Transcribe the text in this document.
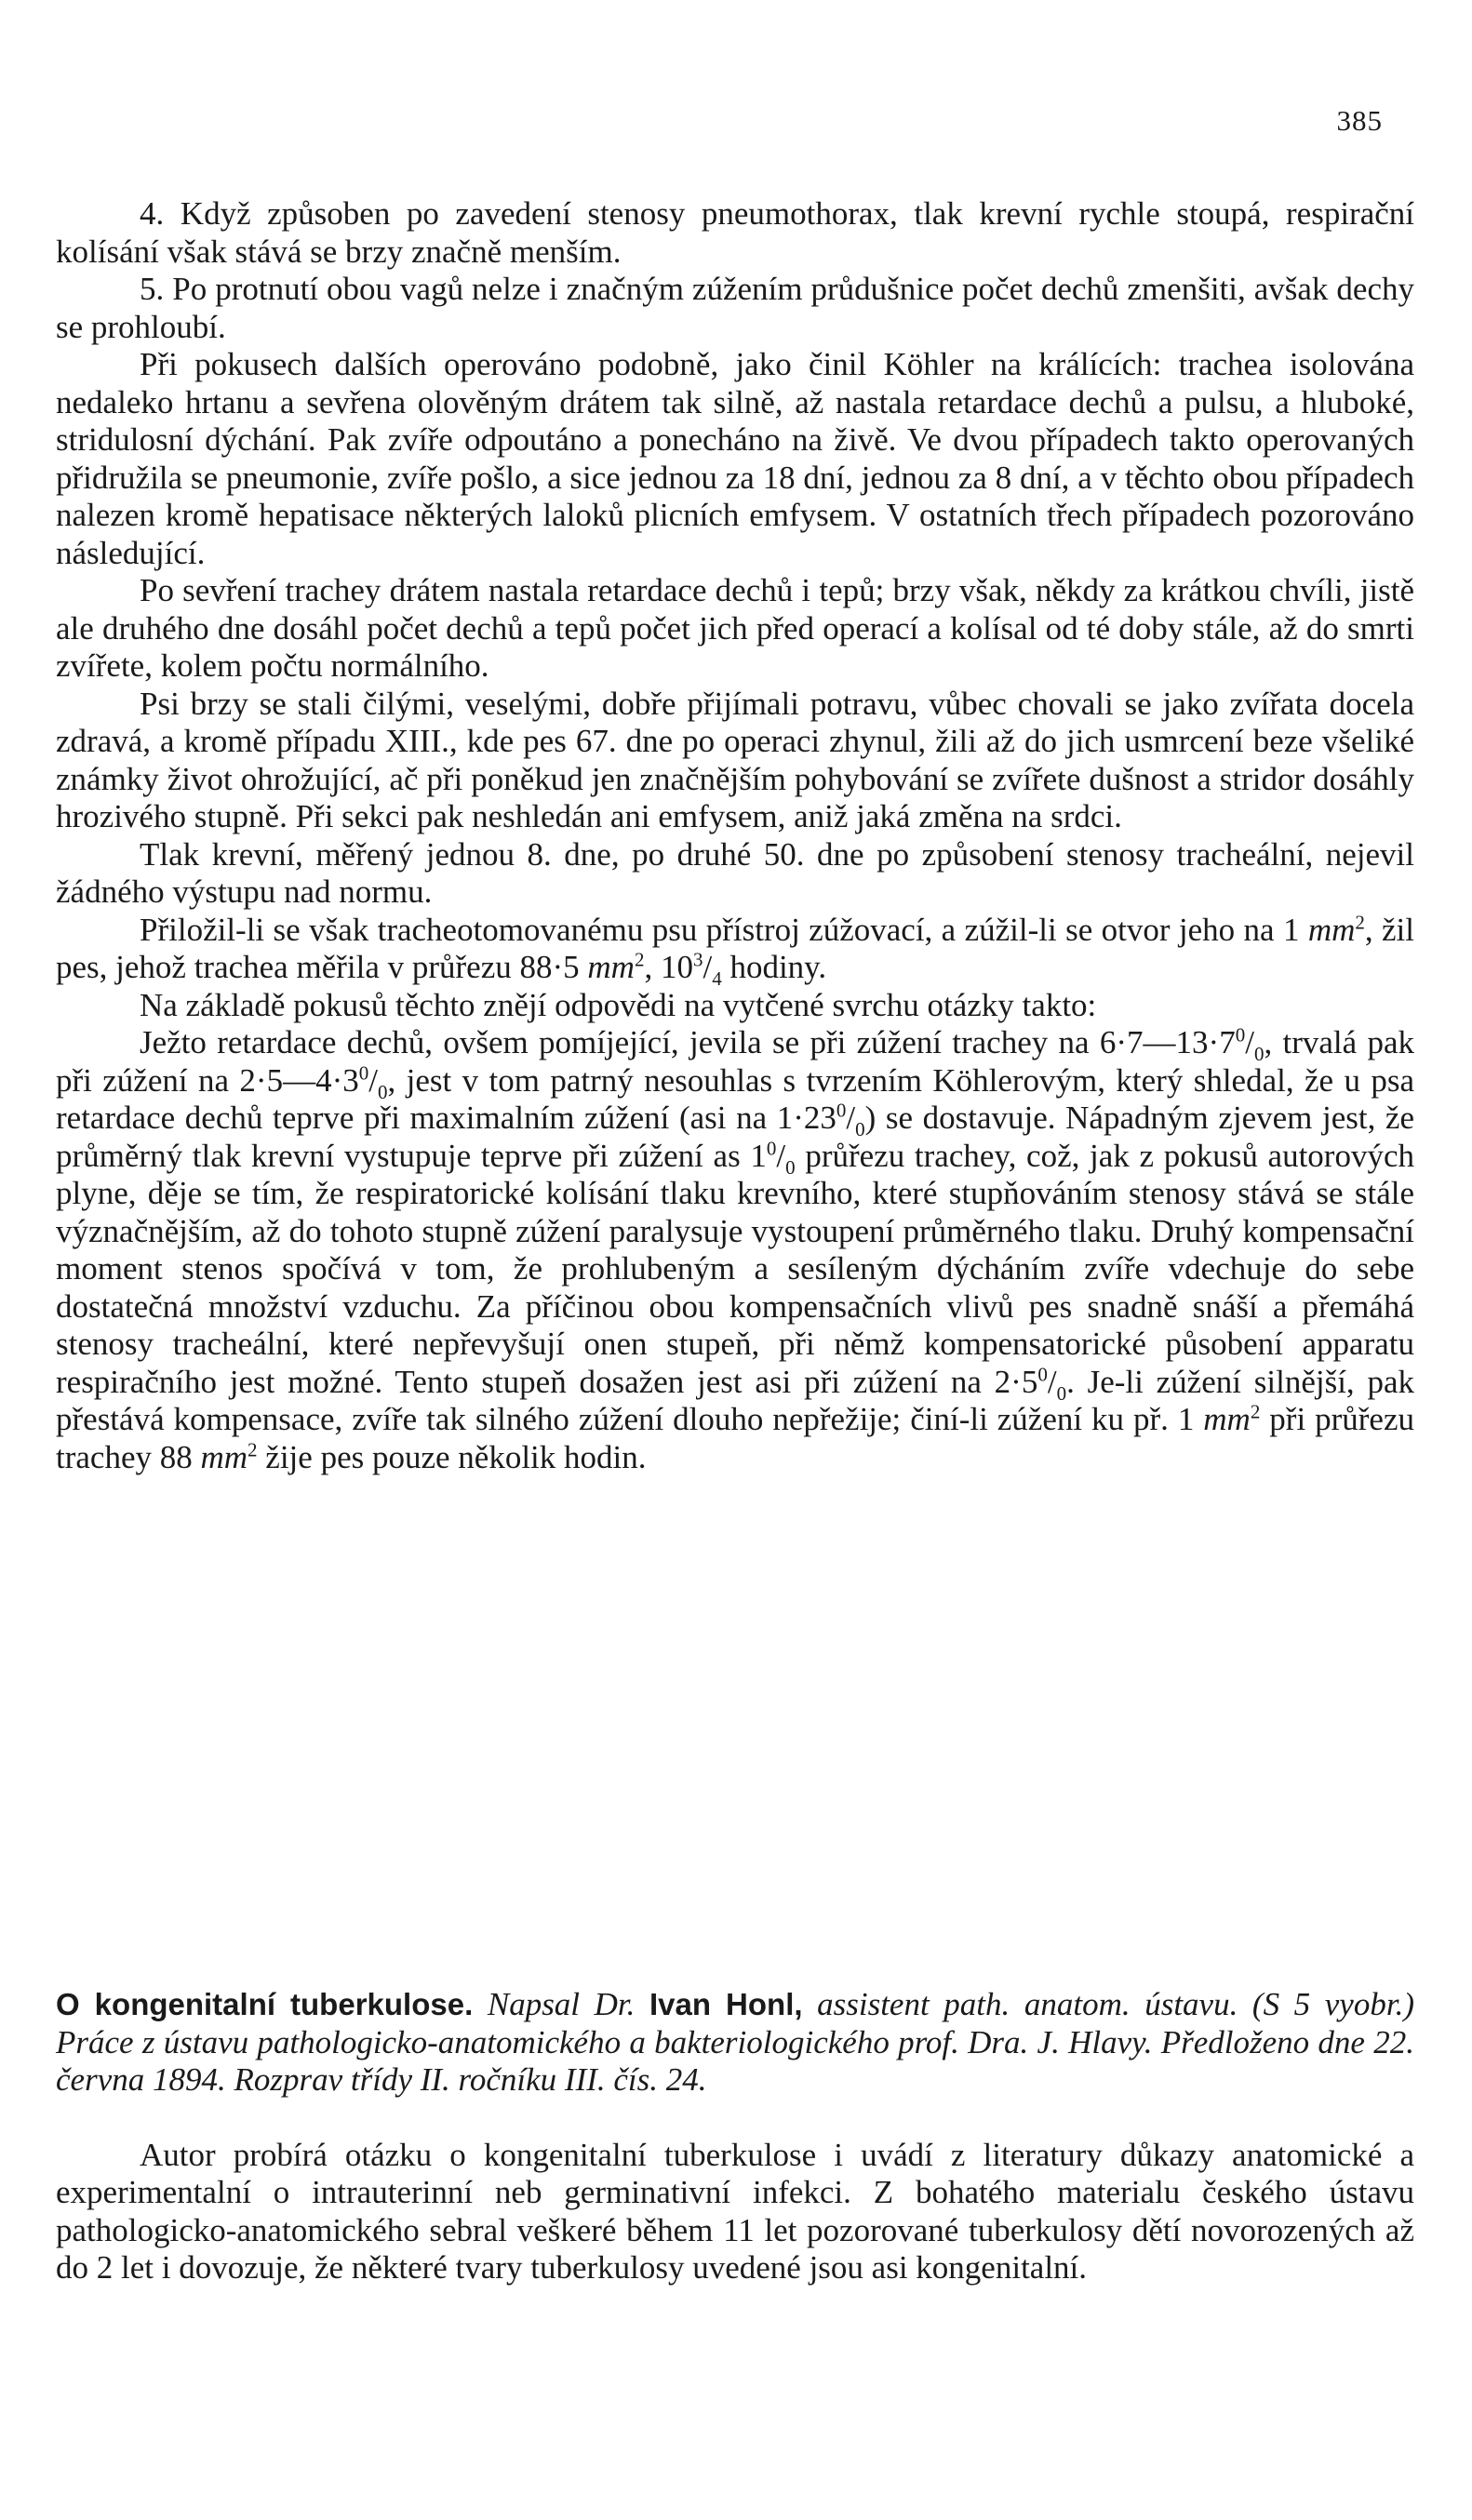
385

4. Když způsoben po zavedení stenosy pneumothorax, tlak krevní rychle stoupá, respirační kolísání však stává se brzy značně menším.

5. Po protnutí obou vagů nelze i značným zúžením průdušnice počet dechů zmenšiti, avšak dechy se prohloubí.

Při pokusech dalších operováno podobně, jako činil Köhler na králících: trachea isolována nedaleko hrtanu a sevřena olověným drátem tak silně, až nastala retardace dechů a pulsu, a hluboké, stridulosní dýchání. Pak zvíře odpoutáno a ponecháno na živě. Ve dvou případech takto operovaných přidružila se pneumonie, zvíře pošlo, a sice jednou za 18 dní, jednou za 8 dní, a v těchto obou případech nalezen kromě hepatisace některých laloků plicních emfysem. V ostatních třech případech pozorováno následující.

Po sevření trachey drátem nastala retardace dechů i tepů; brzy však, někdy za krátkou chvíli, jistě ale druhého dne dosáhl počet dechů a tepů počet jich před operací a kolísal od té doby stále, až do smrti zvířete, kolem počtu normálního.

Psi brzy se stali čilými, veselými, dobře přijímali potravu, vůbec chovali se jako zvířata docela zdravá, a kromě případu XIII., kde pes 67. dne po operaci zhynul, žili až do jich usmrcení beze všeliké známky život ohrožující, ač při poněkud jen značnějším pohybování se zvířete dušnost a stridor dosáhly hrozivého stupně. Při sekci pak neshledán ani emfysem, aniž jaká změna na srdci.

Tlak krevní, měřený jednou 8. dne, po druhé 50. dne po způsobení stenosy tracheální, nejevil žádného výstupu nad normu.

Přiložil-li se však tracheotomovanému psu přístroj zúžovací, a zúžil-li se otvor jeho na 1 $mm^2$, žil pes, jehož trachea měřila v průřezu 88·5 $mm^2$, $10^3/_4$ hodiny.

Na základě pokusů těchto znějí odpovědi na vytčené svrchu otázky takto:

Ježto retardace dechů, ovšem pomíjející, jevila se při zúžení trachey na $6\cdot 7—13\cdot 7^0/_0$, trvalá pak při zúžení na $2\cdot 5—4\cdot 3^0/_0$, jest v tom patrný nesouhlas s tvrzením Köhlerovým, který shledal, že u psa retardace dechů teprve při maximalním zúžení (asi na $1\cdot 23^0/_0$) se dostavuje. Nápadným zjevem jest, že průměrný tlak krevní vystupuje teprve při zúžení as $1^0/_0$ průřezu trachey, což, jak z pokusů autorových plyne, děje se tím, že respiratorické kolísání tlaku krevního, které stupňováním stenosy stává se stále význačnějším, až do tohoto stupně zúžení paralysuje vystoupení průměrného tlaku. Druhý kompensační moment stenos spočívá v tom, že prohlubeným a sesíleným dýcháním zvíře vdechuje do sebe dostatečná množství vzduchu. Za příčinou obou kompensačních vlivů pes snadně snáší a přemáhá stenosy tracheální, které nepřevyšují onen stupeň, při němž kompensatorické působení apparatu respiračního jest možné. Tento stupeň dosažen jest asi při zúžení na $2\cdot 5^0/_0$. Je-li zúžení silnější, pak přestává kompensace, zvíře tak silného zúžení dlouho nepřežije; činí-li zúžení ku př. 1 $mm^2$ při průřezu trachey 88 $mm^2$ žije pes pouze několik hodin.

O kongenitalní tuberkulose. Napsal Dr. Ivan Honl, assistent path. anatom. ústavu. (S 5 vyobr.) Práce z ústavu pathologicko-anatomického a bakteriologického prof. Dra. J. Hlavy. Předloženo dne 22. června 1894. Rozprav třídy II. ročníku III. čís. 24.

Autor probírá otázku o kongenitalní tuberkulose i uvádí z literatury důkazy anatomické a experimentalní o intrauterinní neb germinativní infekci. Z bohatého materialu českého ústavu pathologicko-anatomického sebral veškeré během 11 let pozorované tuberkulosy dětí novorozených až do 2 let i dovozuje, že některé tvary tuberkulosy uvedené jsou asi kongenitalní.
